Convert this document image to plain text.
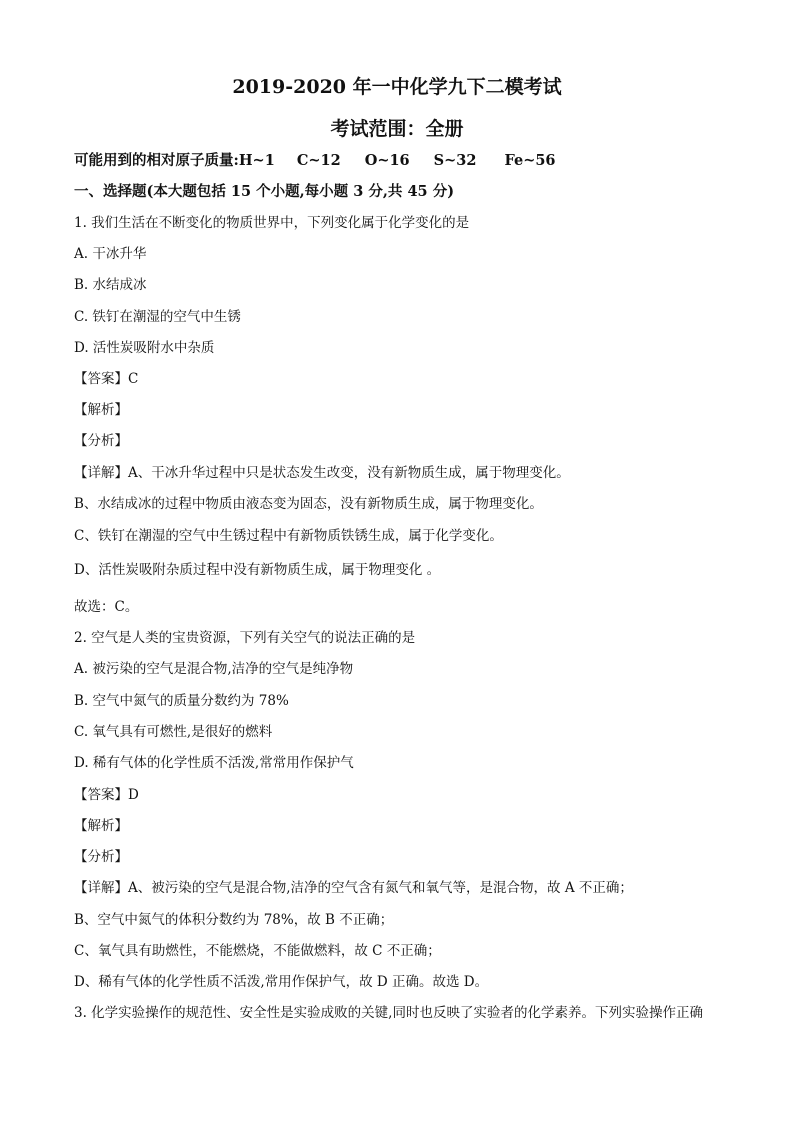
2019-2020 年一中化学九下二模考试
考试范围：全册
可能用到的相对原子质量:H~1 C~12 O~16 S~32 Fe~56
一、选择题(本大题包括 15 个小题,每小题 3 分,共 45 分)
1. 我们生活在不断变化的物质世界中，下列变化属于化学变化的是
A. 干冰升华
B. 水结成冰
C. 铁钉在潮湿的空气中生锈
D. 活性炭吸附水中杂质
【答案】C
【解析】
【分析】
【详解】A、干冰升华过程中只是状态发生改变，没有新物质生成，属于物理变化。
B、水结成冰的过程中物质由液态变为固态，没有新物质生成，属于物理变化。
C、铁钉在潮湿的空气中生锈过程中有新物质铁锈生成，属于化学变化。
D、活性炭吸附杂质过程中没有新物质生成，属于物理变化 。
故选：C。
2. 空气是人类的宝贵资源，下列有关空气的说法正确的是
A. 被污染的空气是混合物,洁净的空气是纯净物
B. 空气中氮气的质量分数约为 78%
C. 氧气具有可燃性,是很好的燃料
D. 稀有气体的化学性质不活泼,常常用作保护气
【答案】D
【解析】
【分析】
【详解】A、被污染的空气是混合物,洁净的空气含有氮气和氧气等，是混合物，故 A 不正确；
B、空气中氮气的体积分数约为 78%，故 B 不正确；
C、氧气具有助燃性，不能燃烧，不能做燃料，故 C 不正确；
D、稀有气体的化学性质不活泼,常用作保护气，故 D 正确。故选 D。
3. 化学实验操作的规范性、安全性是实验成败的关键,同时也反映了实验者的化学素养。下列实验操作正确
